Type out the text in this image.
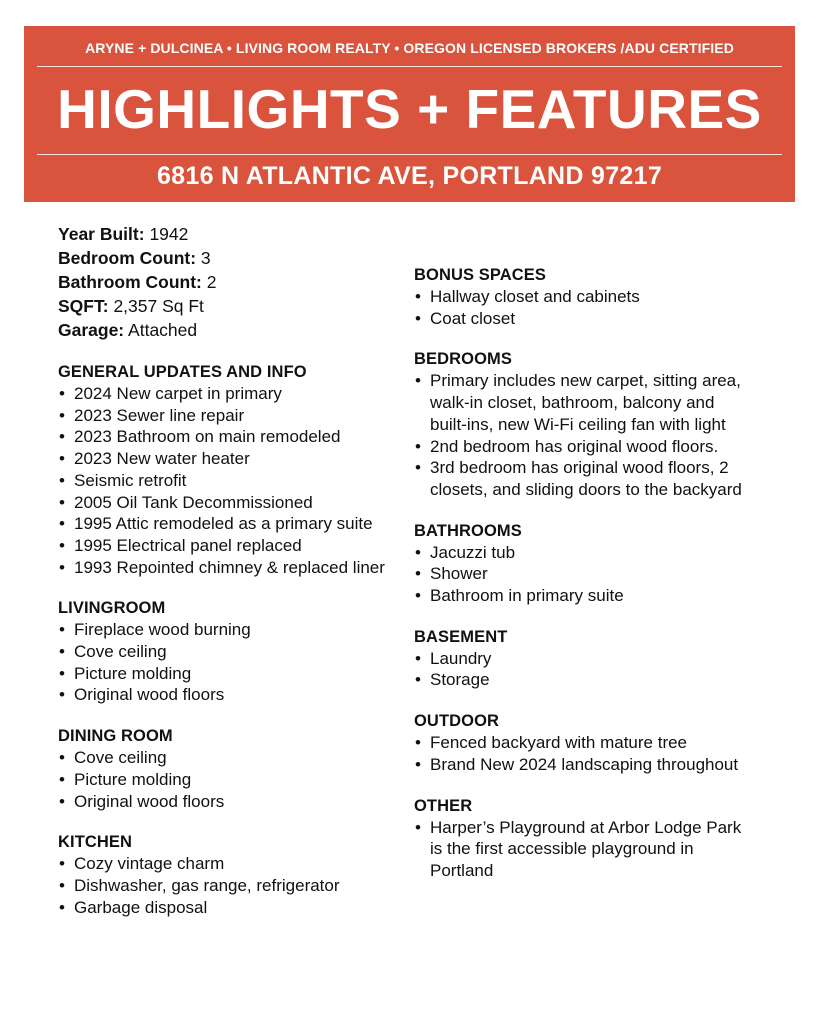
ARYNE + DULCINEA • LIVING ROOM REALTY • OREGON LICENSED BROKERS /ADU CERTIFIED
HIGHLIGHTS + FEATURES
6816 N ATLANTIC AVE, PORTLAND 97217
Year Built: 1942
Bedroom Count: 3
Bathroom Count: 2
SQFT: 2,357 Sq Ft
Garage: Attached
GENERAL UPDATES AND INFO
• 2024 New carpet in primary
• 2023 Sewer line repair
• 2023 Bathroom on main remodeled
• 2023 New water heater
• Seismic retrofit
• 2005 Oil Tank Decommissioned
• 1995 Attic remodeled as a primary suite
• 1995 Electrical panel replaced
• 1993 Repointed chimney & replaced liner
LIVINGROOM
• Fireplace wood burning
• Cove ceiling
• Picture molding
• Original wood floors
DINING ROOM
• Cove ceiling
• Picture molding
• Original wood floors
KITCHEN
• Cozy vintage charm
• Dishwasher, gas range, refrigerator
• Garbage disposal
BONUS SPACES
• Hallway closet and cabinets
• Coat closet
BEDROOMS
• Primary includes new carpet, sitting area, walk-in closet, bathroom, balcony and built-ins, new Wi-Fi ceiling fan with light
• 2nd bedroom has original wood floors.
• 3rd bedroom has original wood floors, 2 closets, and sliding doors to the backyard
BATHROOMS
• Jacuzzi tub
• Shower
• Bathroom in primary suite
BASEMENT
• Laundry
• Storage
OUTDOOR
• Fenced backyard with mature tree
• Brand New 2024 landscaping throughout
OTHER
• Harper’s Playground at Arbor Lodge Park is the first accessible playground in Portland
